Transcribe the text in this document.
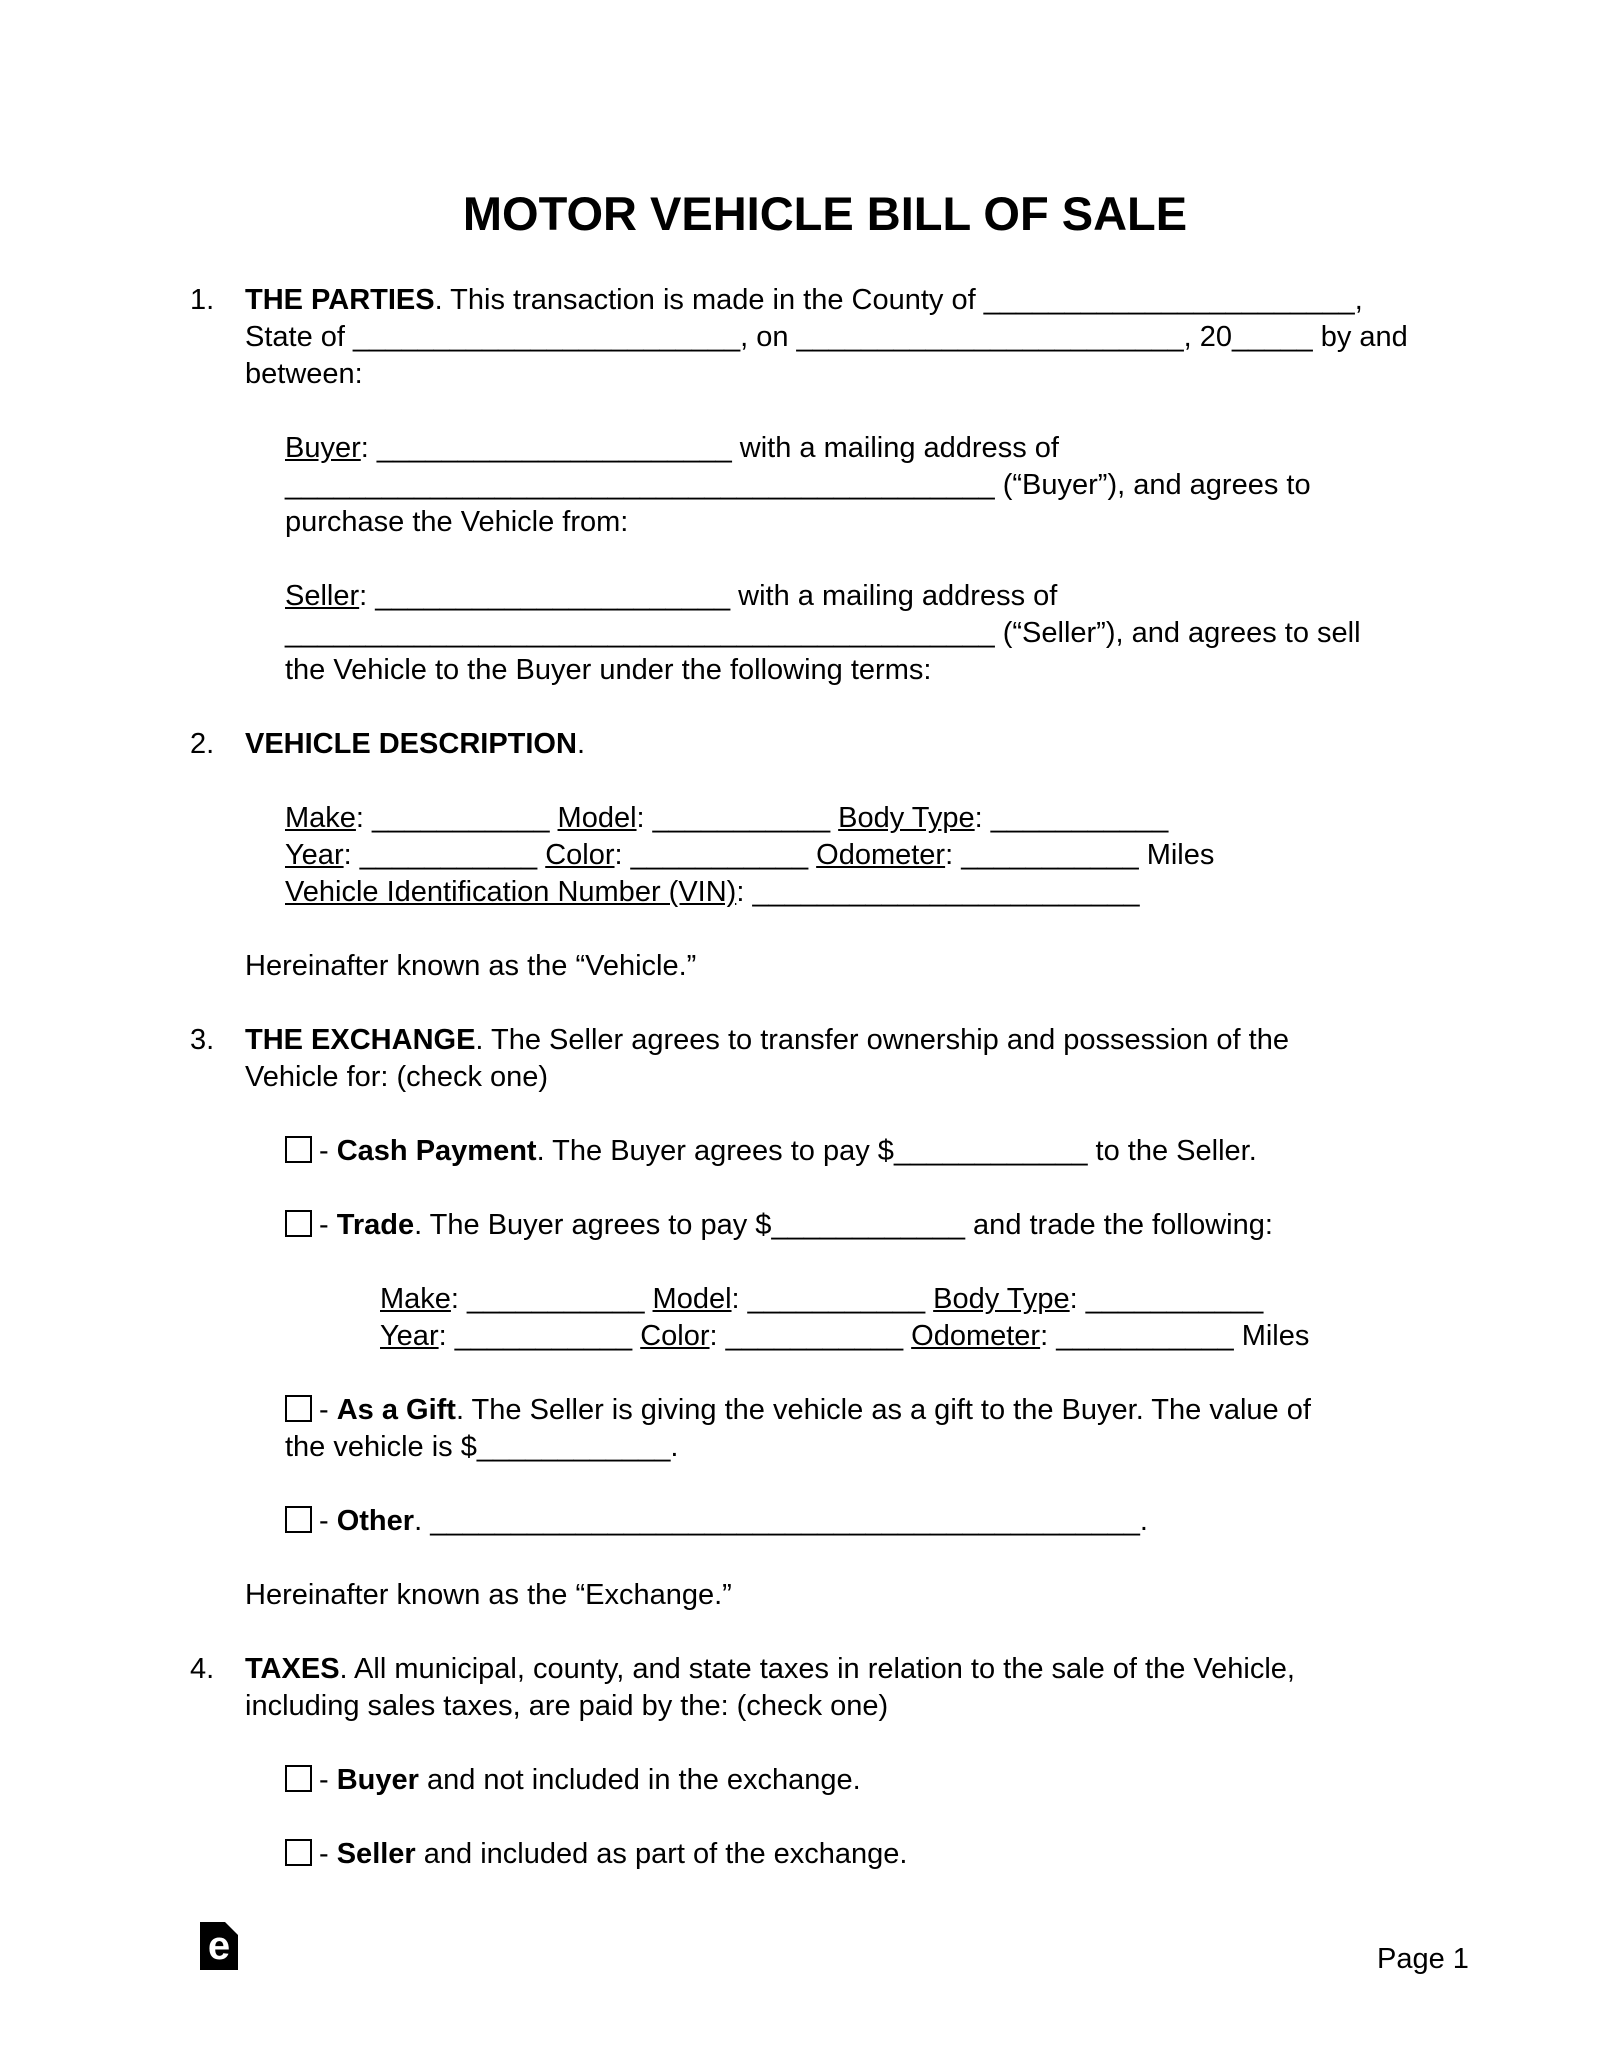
MOTOR VEHICLE BILL OF SALE
1. THE PARTIES. This transaction is made in the County of _______________________,
State of ________________________, on ________________________, 20_____ by and
between:
Buyer: ______________________ with a mailing address of
____________________________________________ (“Buyer”), and agrees to
purchase the Vehicle from:
Seller: ______________________ with a mailing address of
____________________________________________ (“Seller”), and agrees to sell
the Vehicle to the Buyer under the following terms:
2. VEHICLE DESCRIPTION.
Make: ___________ Model: ___________ Body Type: ___________
Year: ___________ Color: ___________ Odometer: ___________ Miles
Vehicle Identification Number (VIN): ________________________
Hereinafter known as the “Vehicle.”
3. THE EXCHANGE. The Seller agrees to transfer ownership and possession of the
Vehicle for: (check one)
- Cash Payment. The Buyer agrees to pay $____________ to the Seller.
- Trade. The Buyer agrees to pay $____________ and trade the following:
Make: ___________ Model: ___________ Body Type: ___________
Year: ___________ Color: ___________ Odometer: ___________ Miles
- As a Gift. The Seller is giving the vehicle as a gift to the Buyer. The value of
the vehicle is $____________.
- Other. ____________________________________________.
Hereinafter known as the “Exchange.”
4. TAXES. All municipal, county, and state taxes in relation to the sale of the Vehicle,
including sales taxes, are paid by the: (check one)
- Buyer and not included in the exchange.
- Seller and included as part of the exchange.
e	Page 1
